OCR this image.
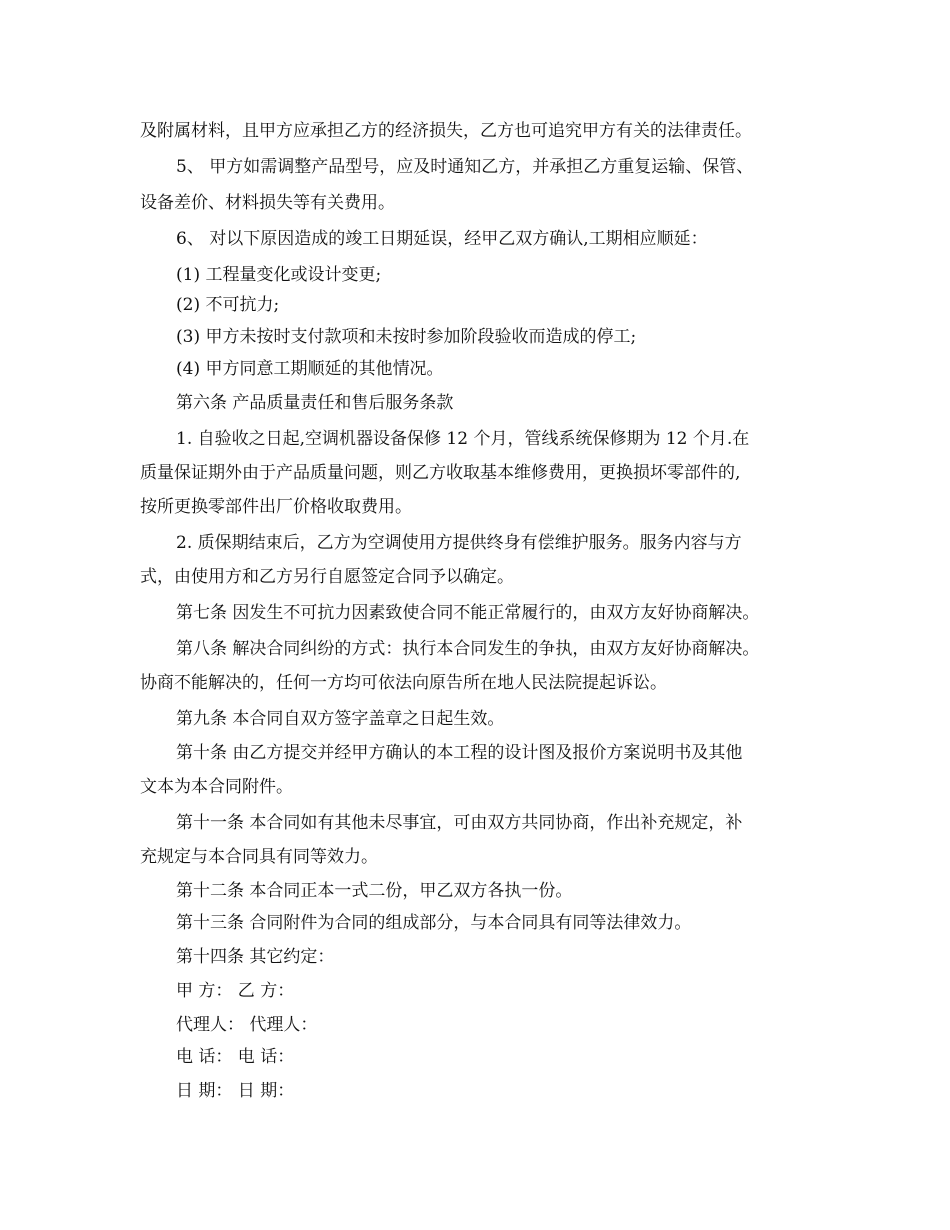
及附属材料，且甲方应承担乙方的经济损失，乙方也可追究甲方有关的法律责任。
5、 甲方如需调整产品型号，应及时通知乙方，并承担乙方重复运输、保管、
设备差价、材料损失等有关费用。
6、 对以下原因造成的竣工日期延误，经甲乙双方确认,工期相应顺延：
(1) 工程量变化或设计变更;
(2) 不可抗力;
(3) 甲方未按时支付款项和未按时参加阶段验收而造成的停工;
(4) 甲方同意工期顺延的其他情况。
第六条 产品质量责任和售后服务条款
1. 自验收之日起,空调机器设备保修 12 个月，管线系统保修期为 12 个月.在
质量保证期外由于产品质量问题，则乙方收取基本维修费用，更换损坏零部件的,
按所更换零部件出厂价格收取费用。
2. 质保期结束后，乙方为空调使用方提供终身有偿维护服务。服务内容与方
式，由使用方和乙方另行自愿签定合同予以确定。
第七条 因发生不可抗力因素致使合同不能正常履行的，由双方友好协商解决。
第八条 解决合同纠纷的方式：执行本合同发生的争执，由双方友好协商解决。
协商不能解决的，任何一方均可依法向原告所在地人民法院提起诉讼。
第九条 本合同自双方签字盖章之日起生效。
第十条 由乙方提交并经甲方确认的本工程的设计图及报价方案说明书及其他
文本为本合同附件。
第十一条 本合同如有其他未尽事宜，可由双方共同协商，作出补充规定，补
充规定与本合同具有同等效力。
第十二条 本合同正本一式二份，甲乙双方各执一份。
第十三条 合同附件为合同的组成部分，与本合同具有同等法律效力。
第十四条 其它约定：
甲 方： 乙 方：
代理人： 代理人：
电 话： 电 话：
日 期： 日 期：
